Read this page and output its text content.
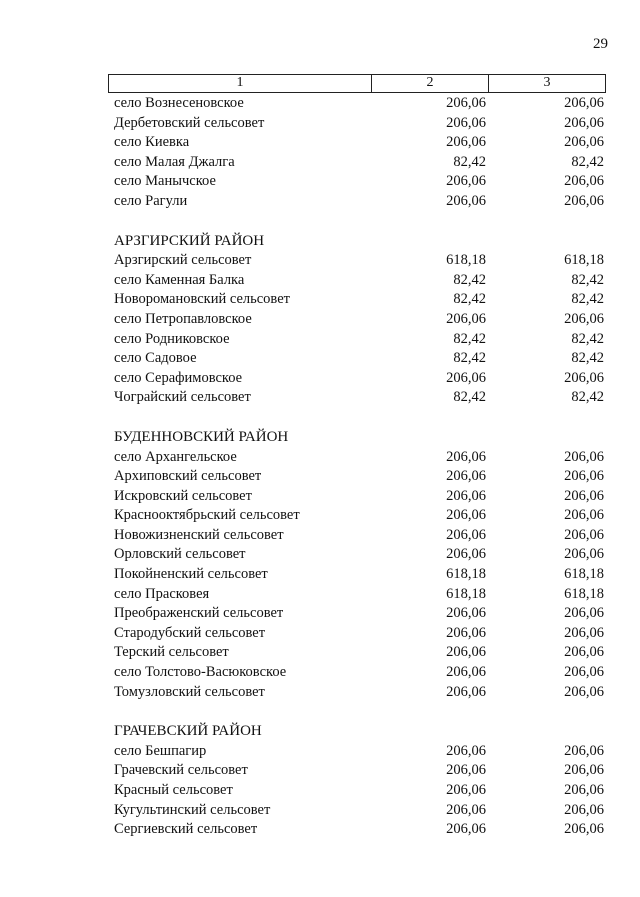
29
1	2	3
село Вознесеновское	206,06	206,06
Дербетовский сельсовет	206,06	206,06
село Киевка	206,06	206,06
село Малая Джалга	82,42	82,42
село Манычское	206,06	206,06
село Рагули	206,06	206,06
АРЗГИРСКИЙ РАЙОН
Арзгирский сельсовет	618,18	618,18
село Каменная Балка	82,42	82,42
Новоромановский сельсовет	82,42	82,42
село Петропавловское	206,06	206,06
село Родниковское	82,42	82,42
село Садовое	82,42	82,42
село Серафимовское	206,06	206,06
Чограйский сельсовет	82,42	82,42
БУДЕННОВСКИЙ РАЙОН
село Архангельское	206,06	206,06
Архиповский сельсовет	206,06	206,06
Искровский сельсовет	206,06	206,06
Краснооктябрьский сельсовет	206,06	206,06
Новожизненский сельсовет	206,06	206,06
Орловский сельсовет	206,06	206,06
Покойненский сельсовет	618,18	618,18
село Прасковея	618,18	618,18
Преображенский сельсовет	206,06	206,06
Стародубский сельсовет	206,06	206,06
Терский сельсовет	206,06	206,06
село Толстово-Васюковское	206,06	206,06
Томузловский сельсовет	206,06	206,06
ГРАЧЕВСКИЙ РАЙОН
село Бешпагир	206,06	206,06
Грачевский сельсовет	206,06	206,06
Красный сельсовет	206,06	206,06
Кугультинский сельсовет	206,06	206,06
Сергиевский сельсовет	206,06	206,06
